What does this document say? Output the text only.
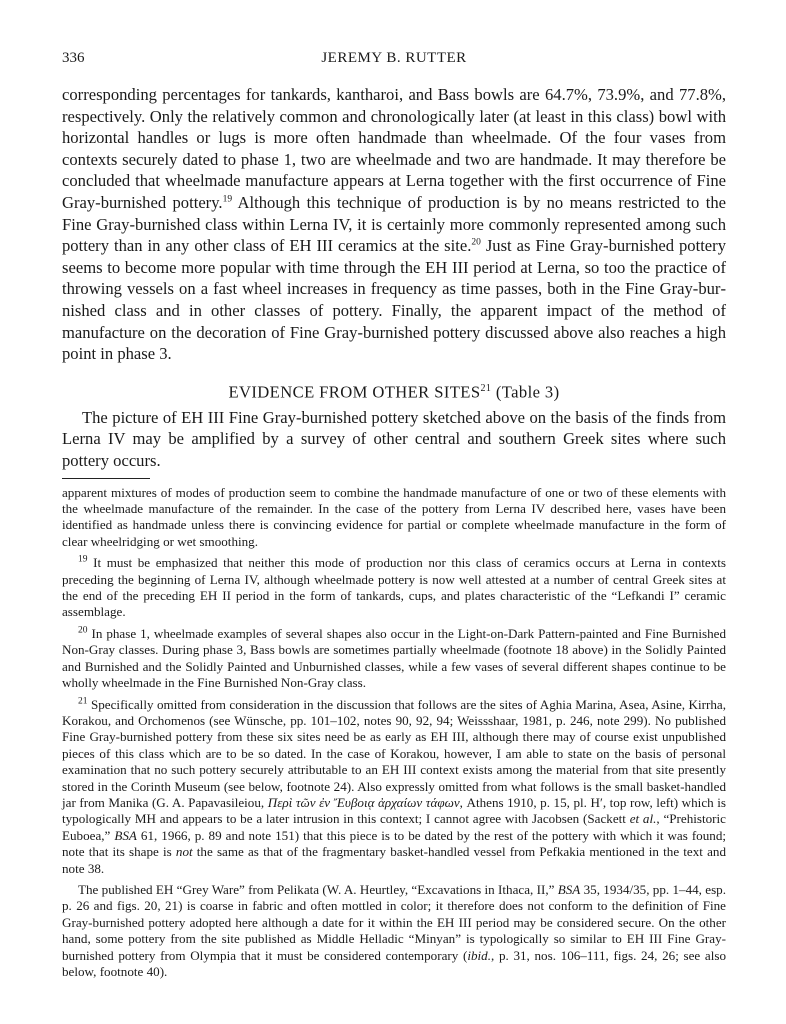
336	JEREMY B. RUTTER

corresponding percentages for tankards, kantharoi, and Bass bowls are 64.7%, 73.9%, and 77.8%, respectively. Only the relatively common and chronologically later (at least in this class) bowl with horizontal handles or lugs is more often handmade than wheelmade. Of the four vases from contexts securely dated to phase 1, two are wheelmade and two are handmade. It may therefore be concluded that wheelmade manufacture appears at Lerna together with the first occurrence of Fine Gray-burnished pottery.$^{19}$ Although this technique of production is by no means restricted to the Fine Gray-burnished class within Lerna IV, it is certainly more commonly represented among such pottery than in any other class of EH III ceramics at the site.$^{20}$ Just as Fine Gray-burnished pottery seems to become more popular with time through the EH III period at Lerna, so too the practice of throwing vessels on a fast wheel increases in frequency as time passes, both in the Fine Gray-burnished class and in other classes of pottery. Finally, the apparent impact of the method of manufacture on the decoration of Fine Gray-burnished pottery discussed above also reaches a high point in phase 3.

EVIDENCE FROM OTHER SITES$^{21}$ (Table 3)

The picture of EH III Fine Gray-burnished pottery sketched above on the basis of the finds from Lerna IV may be amplified by a survey of other central and southern Greek sites where such pottery occurs.

apparent mixtures of modes of production seem to combine the handmade manufacture of one or two of these elements with the wheelmade manufacture of the remainder. In the case of the pottery from Lerna IV described here, vases have been identified as handmade unless there is convincing evidence for partial or complete wheelmade manufacture in the form of clear wheelridging or wet smoothing.

$^{19}$ It must be emphasized that neither this mode of production nor this class of ceramics occurs at Lerna in contexts preceding the beginning of Lerna IV, although wheelmade pottery is now well attested at a number of central Greek sites at the end of the preceding EH II period in the form of tankards, cups, and plates characteristic of the “Lefkandi I” ceramic assemblage.

$^{20}$ In phase 1, wheelmade examples of several shapes also occur in the Light-on-Dark Pattern-painted and Fine Burnished Non-Gray classes. During phase 3, Bass bowls are sometimes partially wheelmade (footnote 18 above) in the Solidly Painted and Burnished and the Solidly Painted and Unburnished classes, while a few vases of several different shapes continue to be wholly wheelmade in the Fine Burnished Non-Gray class.

$^{21}$ Specifically omitted from consideration in the discussion that follows are the sites of Aghia Marina, Asea, Asine, Kirrha, Korakou, and Orchomenos (see Wünsche, pp. 101–102, notes 90, 92, 94; Weissshaar, 1981, p. 246, note 299). No published Fine Gray-burnished pottery from these six sites need be as early as EH III, although there may of course exist unpublished pieces of this class which are to be so dated. In the case of Korakou, however, I am able to state on the basis of personal examination that no such pottery securely attributable to an EH III context exists among the material from that site presently stored in the Corinth Museum (see below, footnote 24). Also expressly omitted from what follows is the small basket-handled jar from Manika (G. A. Papavasileiou, Περὶ τῶν ἐν Ἔυβοιᾳ ἀρχαίων τάφων, Athens 1910, p. 15, pl. H′, top row, left) which is typologically MH and appears to be a later intrusion in this context; I cannot agree with Jacobsen (Sackett et al., “Prehistoric Euboea,” BSA 61, 1966, p. 89 and note 151) that this piece is to be dated by the rest of the pottery with which it was found; note that its shape is not the same as that of the fragmentary basket-handled vessel from Pefkakia mentioned in the text and note 38.

The published EH “Grey Ware” from Pelikata (W. A. Heurtley, “Excavations in Ithaca, II,” BSA 35, 1934/35, pp. 1–44, esp. p. 26 and figs. 20, 21) is coarse in fabric and often mottled in color; it therefore does not conform to the definition of Fine Gray-burnished pottery adopted here although a date for it within the EH III period may be considered secure. On the other hand, some pottery from the site published as Middle Helladic “Minyan” is typologically so similar to EH III Fine Gray-burnished pottery from Olympia that it must be considered contemporary (ibid., p. 31, nos. 106–111, figs. 24, 26; see also below, footnote 40).
